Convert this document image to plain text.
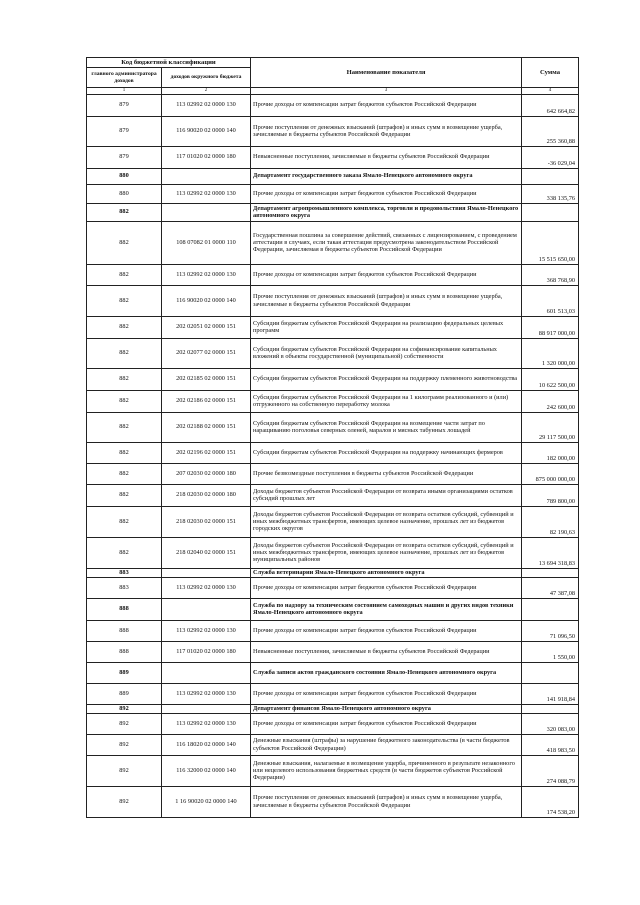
Код бюджетной классификации		Наименование показателя	Сумма
главного администратора доходов	доходов окружного бюджета		
1	2	3	4
879	113 02992 02 0000 130	Прочие доходы от компенсации затрат бюджетов субъектов Российской Федерации	642 664,82
879	116 90020 02 0000 140	Прочие поступления от денежных взысканий (штрафов) и иных сумм в возмещение ущерба, зачисляемые в бюджеты субъектов Российской Федерации	255 360,88
879	117 01020 02 0000 180	Невыясненные поступления, зачисляемые в бюджеты субъектов Российской Федерации	-36 029,04
880		Департамент государственного заказа Ямало-Ненецкого автономного округа	
880	113 02992 02 0000 130	Прочие доходы от компенсации затрат бюджетов субъектов Российской Федерации	338 135,76
882		Департамент агропромышленного комплекса, торговли и продовольствия Ямало-Ненецкого автономного округа	
882	108 07082 01 0000 110	Государственная пошлина за совершение действий, связанных с лицензированием, с проведением аттестации в случаях, если такая аттестация предусмотрена законодательством Российской Федерации, зачисляемая в бюджеты субъектов Российской Федерации	15 515 650,00
882	113 02992 02 0000 130	Прочие доходы от компенсации затрат бюджетов субъектов Российской Федерации	368 768,90
882	116 90020 02 0000 140	Прочие поступления от денежных взысканий (штрафов) и иных сумм в возмещение ущерба, зачисляемые в бюджеты субъектов Российской Федерации	601 513,03
882	202 02051 02 0000 151	Субсидии бюджетам субъектов Российской Федерации на реализацию федеральных целевых программ	88 917 000,00
882	202 02077 02 0000 151	Субсидии бюджетам субъектов Российской Федерации на софинансирование капитальных вложений в объекты государственной (муниципальной) собственности	1 320 000,00
882	202 02185 02 0000 151	Субсидии бюджетам субъектов Российской Федерации на поддержку племенного животноводства	10 622 500,00
882	202 02186 02 0000 151	Субсидии бюджетам субъектов Российской Федерации на 1 килограмм реализованного и (или) отгруженного на собственную переработку молока	242 600,00
882	202 02188 02 0000 151	Субсидии бюджетам субъектов Российской Федерации на возмещение части затрат по наращиванию поголовья северных оленей, маралов и мясных табунных лошадей	29 117 500,00
882	202 02196 02 0000 151	Субсидии бюджетам субъектов Российской Федерации на поддержку начинающих фермеров	182 000,00
882	207 02030 02 0000 180	Прочие безвозмездные поступления в бюджеты субъектов Российской Федерации	875 000 000,00
882	218 02030 02 0000 180	Доходы бюджетов субъектов Российской Федерации от возврата иными организациями остатков субсидий прошлых лет	789 800,00
882	218 02030 02 0000 151	Доходы бюджетов субъектов Российской Федерации от возврата остатков субсидий, субвенций и иных межбюджетных трансфертов, имеющих целевое назначение, прошлых лет из бюджетов городских округов	82 190,63
882	218 02040 02 0000 151	Доходы бюджетов субъектов Российской Федерации от возврата остатков субсидий, субвенций и иных межбюджетных трансфертов, имеющих целевое назначение, прошлых лет из бюджетов муниципальных районов	13 694 318,83
883		Служба ветеринарии Ямало-Ненецкого автономного округа	
883	113 02992 02 0000 130	Прочие доходы от компенсации затрат бюджетов субъектов Российской Федерации	47 387,08
888		Служба по надзору за техническим состоянием самоходных машин и других видов техники Ямало-Ненецкого автономного округа	
888	113 02992 02 0000 130	Прочие доходы от компенсации затрат бюджетов субъектов Российской Федерации	71 096,50
888	117 01020 02 0000 180	Невыясненные поступления, зачисляемые в бюджеты субъектов Российской Федерации	1 550,00
889		Служба записи актов гражданского состояния Ямало-Ненецкого автономного округа	
889	113 02992 02 0000 130	Прочие доходы от компенсации затрат бюджетов субъектов Российской Федерации	141 918,84
892		Департамент финансов Ямало-Ненецкого автономного округа	
892	113 02992 02 0000 130	Прочие доходы от компенсации затрат бюджетов субъектов Российской Федерации	320 083,00
892	116 18020 02 0000 140	Денежные взыскания (штрафы) за нарушение бюджетного законодательства (в части бюджетов субъектов Российской Федерации)	418 983,50
892	116 32000 02 0000 140	Денежные взыскания, налагаемые в возмещение ущерба, причиненного в результате незаконного или нецелевого использования бюджетных средств (в части бюджетов субъектов Российской Федерации)	274 088,79
892	1 16 90020 02 0000 140	Прочие поступления от денежных взысканий (штрафов) и иных сумм в возмещение ущерба, зачисляемые в бюджеты субъектов Российской Федерации	174 538,20
